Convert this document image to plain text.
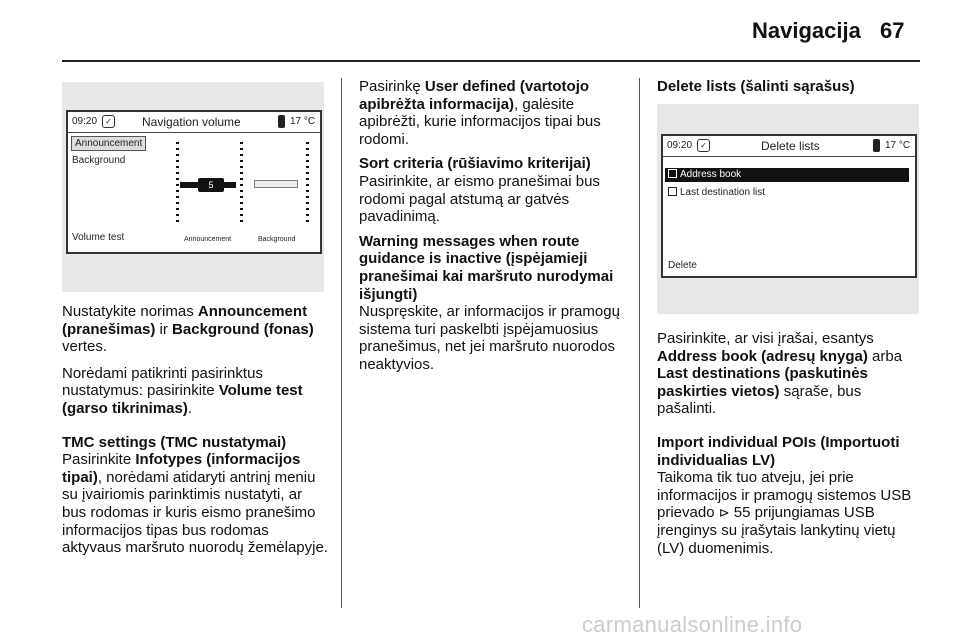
Navigacija 67
09:20	✓	Navigation volume	17 °C
Announcement
Background
Volume test
5
Announcement	Background

Nustatykite norimas Announcement (pranešimas) ir Background (fonas) vertes.

Norėdami patikrinti pasirinktus nustatymus: pasirinkite Volume test (garso tikrinimas).

TMC settings (TMC nustatymai)

Pasirinkite Infotypes (informacijos tipai), norėdami atidaryti antrinį meniu su įvairiomis parinktimis nustatyti, ar bus rodomas ir kuris eismo pranešimo informacijos tipas bus rodomas aktyvaus maršruto nuorodų žemėlapyje.

Pasirinkę User defined (vartotojo apibrėžta informacija), galėsite apibrėžti, kurie informacijos tipai bus rodomi.

Sort criteria (rūšiavimo kriterijai)

Pasirinkite, ar eismo pranešimai bus rodomi pagal atstumą ar gatvės pavadinimą.

Warning messages when route guidance is inactive (įspėjamieji pranešimai kai maršruto nurodymai išjungti)

Nuspręskite, ar informacijos ir pramogų sistema turi paskelbti įspėjamuosius pranešimus, net jei maršruto nuorodos neaktyvios.

Delete lists (šalinti sąrašus)
09:20	✓	Delete lists	17 °C
Address book
Last destination list
Delete

Pasirinkite, ar visi įrašai, esantys Address book (adresų knyga) arba Last destinations (paskutinės paskirties vietos) sąraše, bus pašalinti.

Import individual POIs (Importuoti individualias LV)

Taikoma tik tuo atveju, jei prie informacijos ir pramogų sistemos USB prievado ⊳ 55 prijungiamas USB įrenginys su įrašytais lankytinų vietų (LV) duomenimis.

carmanualsonline.info
